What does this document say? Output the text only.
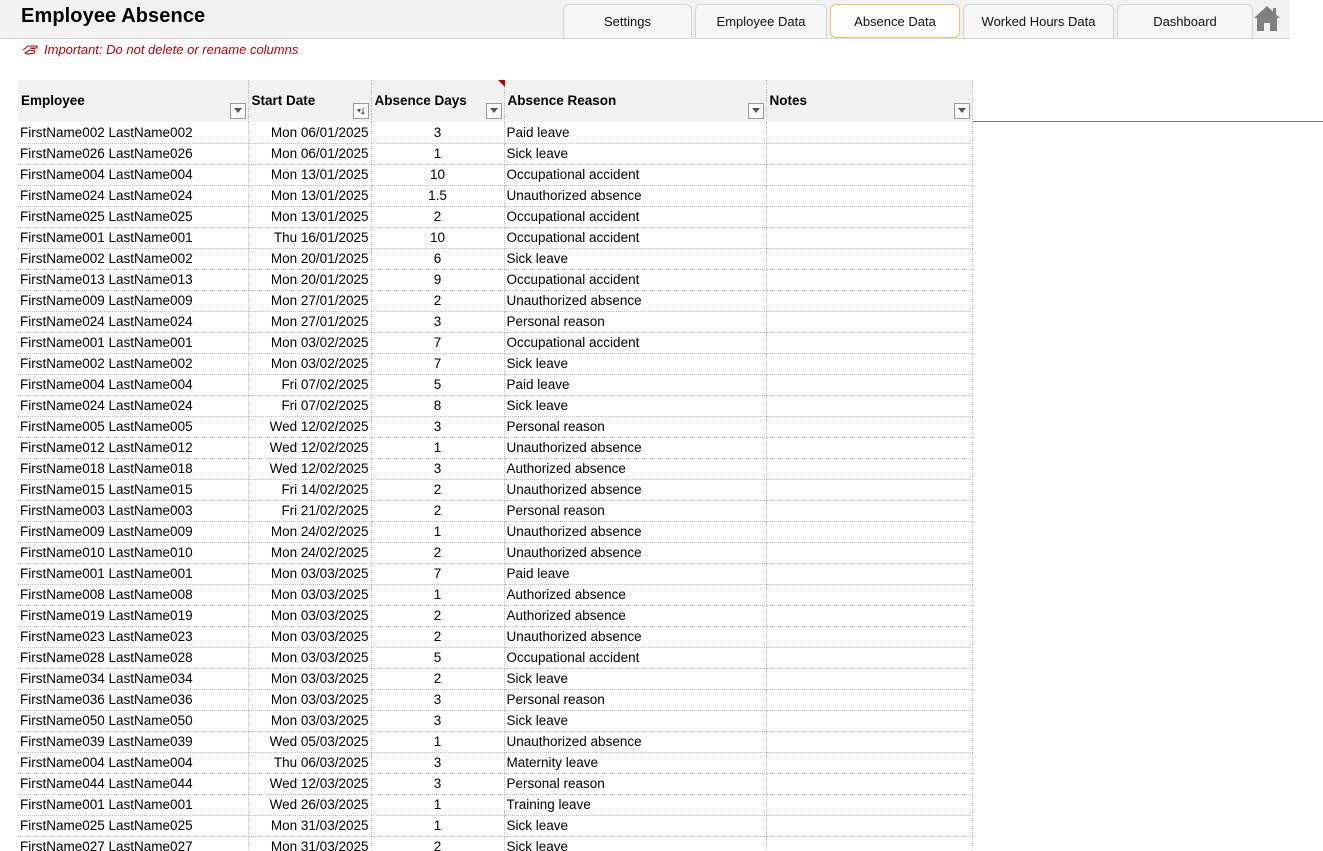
Employee Absence	Settings	Employee Data	Absence Data	Worked Hours Data	Dashboard
Important: Do not delete or rename columns
Employee	Start Date	Absence Days	Absence Reason	Notes

FirstName002 LastName002	Mon 06/01/2025	3	Paid leave	
FirstName026 LastName026	Mon 06/01/2025	1	Sick leave	
FirstName004 LastName004	Mon 13/01/2025	10	Occupational accident	
FirstName024 LastName024	Mon 13/01/2025	1.5	Unauthorized absence	
FirstName025 LastName025	Mon 13/01/2025	2	Occupational accident	
FirstName001 LastName001	Thu 16/01/2025	10	Occupational accident	
FirstName002 LastName002	Mon 20/01/2025	6	Sick leave	
FirstName013 LastName013	Mon 20/01/2025	9	Occupational accident	
FirstName009 LastName009	Mon 27/01/2025	2	Unauthorized absence	
FirstName024 LastName024	Mon 27/01/2025	3	Personal reason	
FirstName001 LastName001	Mon 03/02/2025	7	Occupational accident	
FirstName002 LastName002	Mon 03/02/2025	7	Sick leave	
FirstName004 LastName004	Fri 07/02/2025	5	Paid leave	
FirstName024 LastName024	Fri 07/02/2025	8	Sick leave	
FirstName005 LastName005	Wed 12/02/2025	3	Personal reason	
FirstName012 LastName012	Wed 12/02/2025	1	Unauthorized absence	
FirstName018 LastName018	Wed 12/02/2025	3	Authorized absence	
FirstName015 LastName015	Fri 14/02/2025	2	Unauthorized absence	
FirstName003 LastName003	Fri 21/02/2025	2	Personal reason	
FirstName009 LastName009	Mon 24/02/2025	1	Unauthorized absence	
FirstName010 LastName010	Mon 24/02/2025	2	Unauthorized absence	
FirstName001 LastName001	Mon 03/03/2025	7	Paid leave	
FirstName008 LastName008	Mon 03/03/2025	1	Authorized absence	
FirstName019 LastName019	Mon 03/03/2025	2	Authorized absence	
FirstName023 LastName023	Mon 03/03/2025	2	Unauthorized absence	
FirstName028 LastName028	Mon 03/03/2025	5	Occupational accident	
FirstName034 LastName034	Mon 03/03/2025	2	Sick leave	
FirstName036 LastName036	Mon 03/03/2025	3	Personal reason	
FirstName050 LastName050	Mon 03/03/2025	3	Sick leave	
FirstName039 LastName039	Wed 05/03/2025	1	Unauthorized absence	
FirstName004 LastName004	Thu 06/03/2025	3	Maternity leave	
FirstName044 LastName044	Wed 12/03/2025	3	Personal reason	
FirstName001 LastName001	Wed 26/03/2025	1	Training leave	
FirstName025 LastName025	Mon 31/03/2025	1	Sick leave	
FirstName027 LastName027	Mon 31/03/2025	2	Sick leave	
